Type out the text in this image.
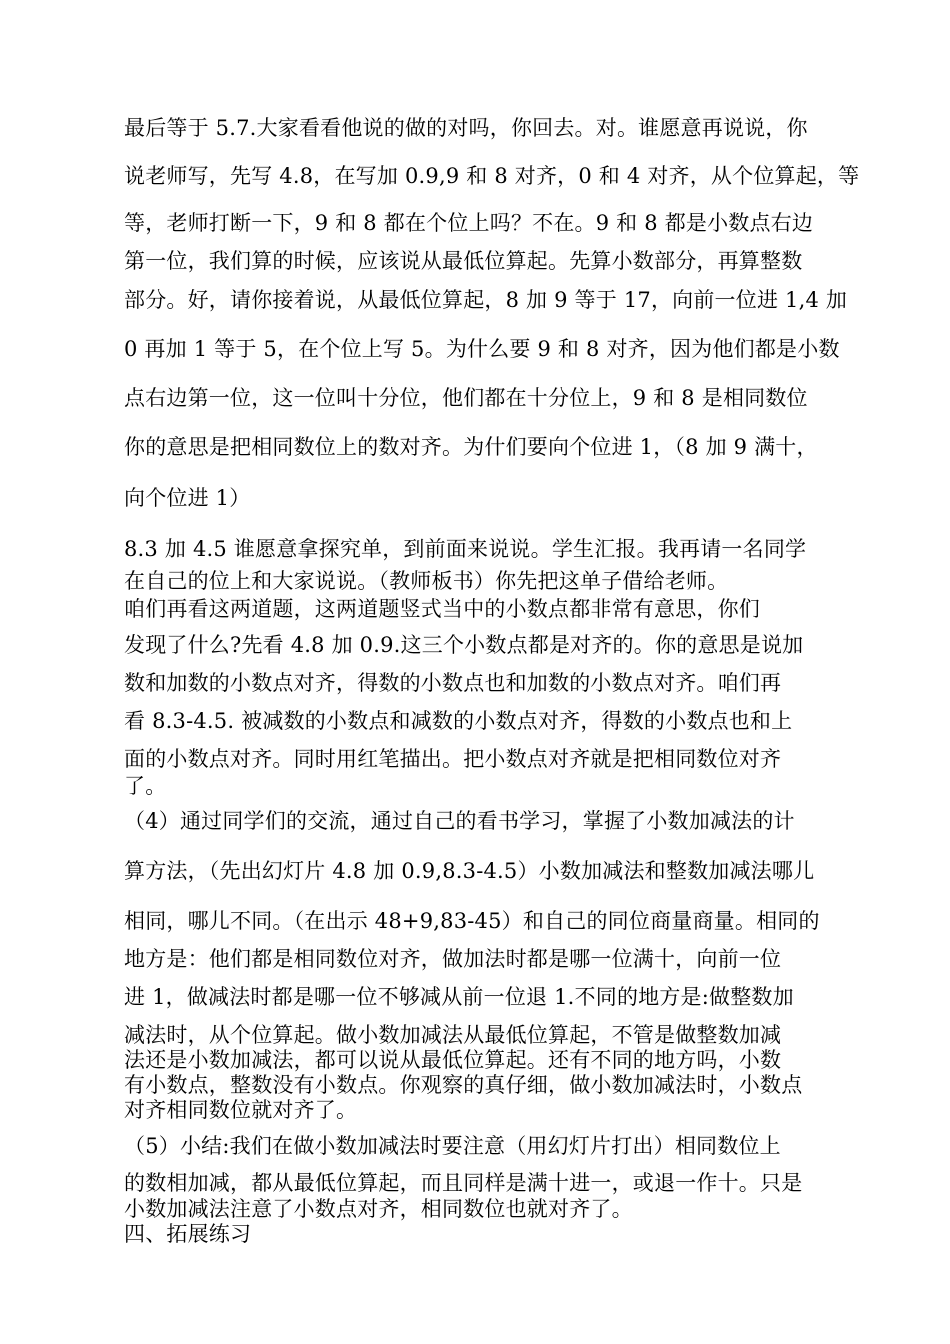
最后等于 5.7.大家看看他说的做的对吗，你回去。对。谁愿意再说说，你
说老师写，先写 4.8，在写加 0.9,9 和 8 对齐，0 和 4 对齐，从个位算起，等
等，老师打断一下，9 和 8 都在个位上吗？不在。9 和 8 都是小数点右边
第一位，我们算的时候，应该说从最低位算起。先算小数部分，再算整数
部分。好，请你接着说，从最低位算起，8 加 9 等于 17，向前一位进 1,4 加
0 再加 1 等于 5，在个位上写 5。为什么要 9 和 8 对齐，因为他们都是小数
点右边第一位，这一位叫十分位，他们都在十分位上，9 和 8 是相同数位
你的意思是把相同数位上的数对齐。为什们要向个位进 1，（8 加 9 满十，
向个位进 1）
8.3 加 4.5 谁愿意拿探究单，到前面来说说。学生汇报。我再请一名同学
在自己的位上和大家说说。（教师板书）你先把这单子借给老师。
咱们再看这两道题，这两道题竖式当中的小数点都非常有意思，你们
发现了什么?先看 4.8 加 0.9.这三个小数点都是对齐的。你的意思是说加
数和加数的小数点对齐，得数的小数点也和加数的小数点对齐。咱们再
看 8.3-4.5. 被减数的小数点和减数的小数点对齐，得数的小数点也和上
面的小数点对齐。同时用红笔描出。把小数点对齐就是把相同数位对齐
了。
（4）通过同学们的交流，通过自己的看书学习，掌握了小数加减法的计
算方法，（先出幻灯片 4.8 加 0.9,8.3-4.5）小数加减法和整数加减法哪儿
相同，哪儿不同。（在出示 48+9,83-45）和自己的同位商量商量。相同的
地方是：他们都是相同数位对齐，做加法时都是哪一位满十，向前一位
进 1，做减法时都是哪一位不够减从前一位退 1.不同的地方是:做整数加
减法时，从个位算起。做小数加减法从最低位算起，不管是做整数加减
法还是小数加减法，都可以说从最低位算起。还有不同的地方吗，小数
有小数点，整数没有小数点。你观察的真仔细，做小数加减法时，小数点
对齐相同数位就对齐了。
（5）小结:我们在做小数加减法时要注意（用幻灯片打出）相同数位上
的数相加减，都从最低位算起，而且同样是满十进一，或退一作十。只是
小数加减法注意了小数点对齐，相同数位也就对齐了。
四、拓展练习
